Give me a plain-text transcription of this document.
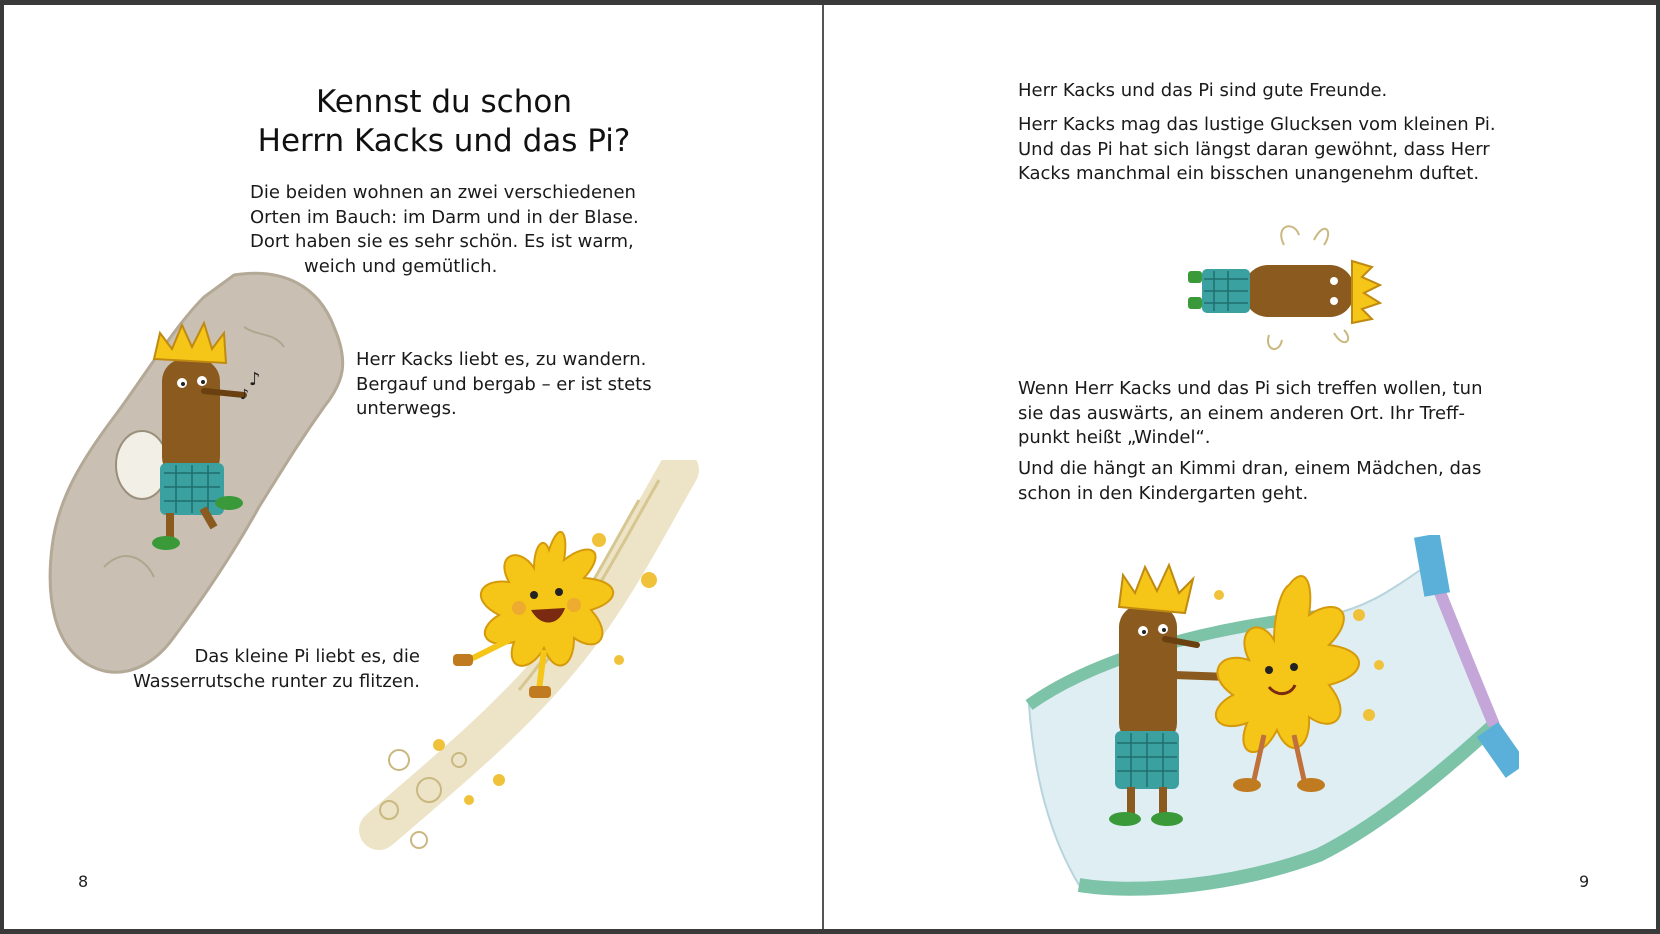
Kennst du schon
Herrn Kacks und das Pi?
Die beiden wohnen an zwei verschiedenen
Orten im Bauch: im Darm und in der Blase.
Dort haben sie es sehr schön. Es ist warm,
weich und gemütlich.
♪
♪
Herr Kacks liebt es, zu wandern.
Bergauf und bergab – er ist stets
unterwegs.
Das kleine Pi liebt es, die
Wasserrutsche runter zu flitzen.
8
Herr Kacks und das Pi sind gute Freunde.
Herr Kacks mag das lustige Glucksen vom kleinen Pi.
Und das Pi hat sich längst daran gewöhnt, dass Herr
Kacks manchmal ein bisschen unangenehm duftet.
Wenn Herr Kacks und das Pi sich treffen wollen, tun
sie das auswärts, an einem anderen Ort. Ihr Treff-
punkt heißt „Windel“.
Und die hängt an Kimmi dran, einem Mädchen, das
schon in den Kindergarten geht.
9
